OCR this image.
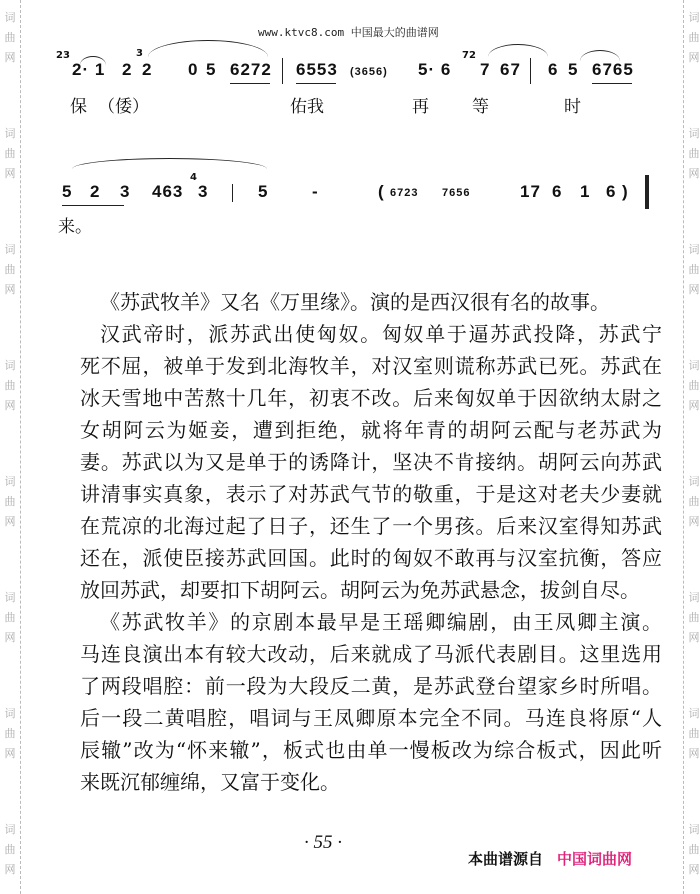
词曲网
词曲网
词曲网
词曲网
词曲网
词曲网
词曲网
词曲网
词曲网
词曲网
词曲网
词曲网
词曲网
词曲网
词曲网
词曲网
www.ktvc8.com 中国最大的曲谱网
23
2· 1 2
3
2 0 5 6272 6553 (3656) 5· 6
72
7 67 6 5 6765
保 （倭）	佑我	再	等	时
5 2 3 463
4
3	5	-	( 6723 7656	17 6 1 6 )
来。
《苏武牧羊》又名《万里缘》。演的是西汉很有名的故事。
汉武帝时，派苏武出使匈奴。匈奴单于逼苏武投降，苏武宁
死不屈，被单于发到北海牧羊，对汉室则谎称苏武已死。苏武在
冰天雪地中苦熬十几年，初衷不改。后来匈奴单于因欲纳太尉之
女胡阿云为姬妾，遭到拒绝，就将年青的胡阿云配与老苏武为
妻。苏武以为又是单于的诱降计，坚决不肯接纳。胡阿云向苏武
讲清事实真象，表示了对苏武气节的敬重，于是这对老夫少妻就
在荒凉的北海过起了日子，还生了一个男孩。后来汉室得知苏武
还在，派使臣接苏武回国。此时的匈奴不敢再与汉室抗衡，答应
放回苏武，却要扣下胡阿云。胡阿云为免苏武悬念，拔剑自尽。
《苏武牧羊》的京剧本最早是王瑶卿编剧，由王凤卿主演。
马连良演出本有较大改动，后来就成了马派代表剧目。这里选用
了两段唱腔：前一段为大段反二黄，是苏武登台望家乡时所唱。
后一段二黄唱腔，唱词与王凤卿原本完全不同。马连良将原“人
辰辙”改为“怀来辙”，板式也由单一慢板改为综合板式，因此听
来既沉郁缠绵，又富于变化。
· 55 ·
本曲谱源自 中国词曲网
